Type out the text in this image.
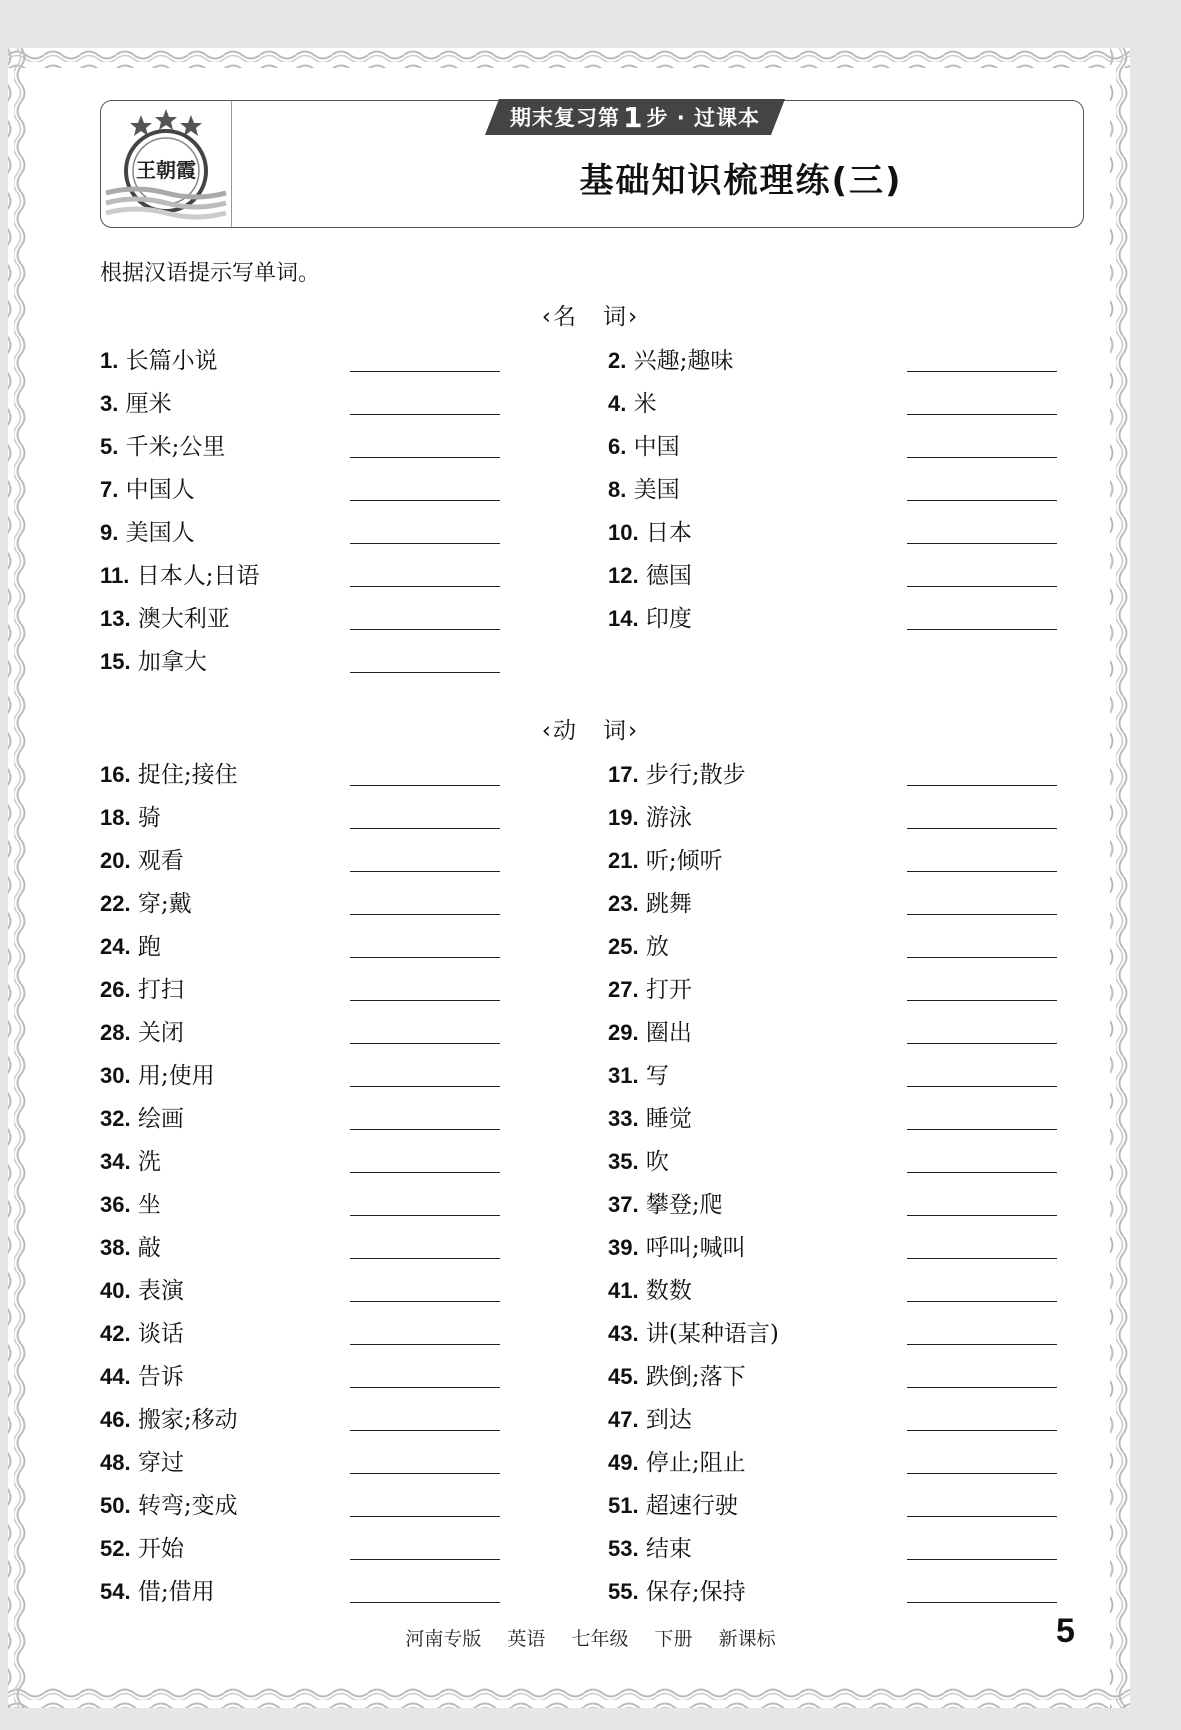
王朝霞
期末复习第 1 步 · 过课本
基础知识梳理练(三)
根据汉语提示写单词。
‹名　词›
1. 长篇小说	2. 兴趣;趣味
3. 厘米	4. 米
5. 千米;公里	6. 中国
7. 中国人	8. 美国
9. 美国人	10. 日本
11. 日本人;日语	12. 德国
13. 澳大利亚	14. 印度
15. 加拿大
‹动　词›
16. 捉住;接住	17. 步行;散步
18. 骑	19. 游泳
20. 观看	21. 听;倾听
22. 穿;戴	23. 跳舞
24. 跑	25. 放
26. 打扫	27. 打开
28. 关闭	29. 圈出
30. 用;使用	31. 写
32. 绘画	33. 睡觉
34. 洗	35. 吹
36. 坐	37. 攀登;爬
38. 敲	39. 呼叫;喊叫
40. 表演	41. 数数
42. 谈话	43. 讲(某种语言)
44. 告诉	45. 跌倒;落下
46. 搬家;移动	47. 到达
48. 穿过	49. 停止;阻止
50. 转弯;变成	51. 超速行驶
52. 开始	53. 结束
54. 借;借用	55. 保存;保持
河南专版 英语 七年级 下册 新课标	5
